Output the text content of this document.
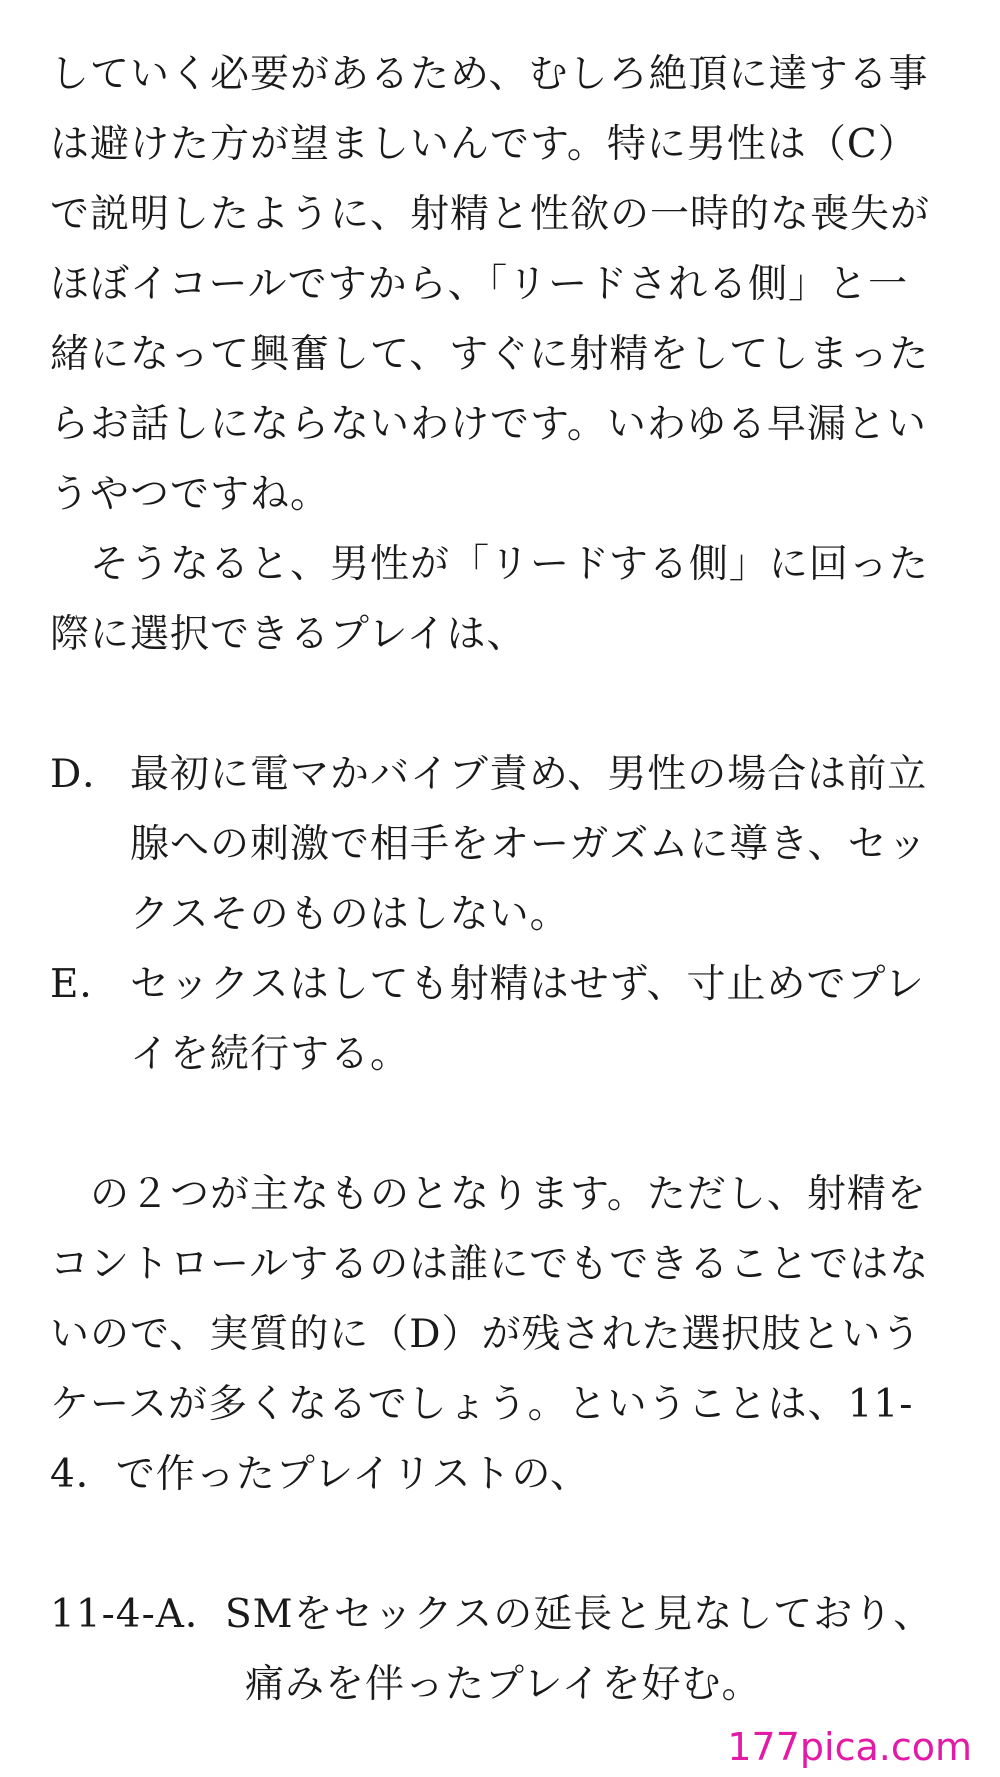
していく必要があるため、むしろ絶頂に達する事
は避けた方が望ましいんです。特に男性は（C）
で説明したように、射精と性欲の一時的な喪失が
ほぼイコールですから、「リードされる側」と一
緒になって興奮して、すぐに射精をしてしまった
らお話しにならないわけです。いわゆる早漏とい
うやつですね。
そうなると、男性が「リードする側」に回った
際に選択できるプレイは、
D． 最初に電マかバイブ責め、男性の場合は前立
腺への刺激で相手をオーガズムに導き、セッ
クスそのものはしない。
E． セックスはしても射精はせず、寸止めでプレ
イを続行する。
の２つが主なものとなります。ただし、射精を
コントロールするのは誰にでもできることではな
いので、実質的に（D）が残された選択肢という
ケースが多くなるでしょう。ということは、11-
4．で作ったプレイリストの、
11-4-A．SMをセックスの延長と見なしており、
痛みを伴ったプレイを好む。
177pica.com
